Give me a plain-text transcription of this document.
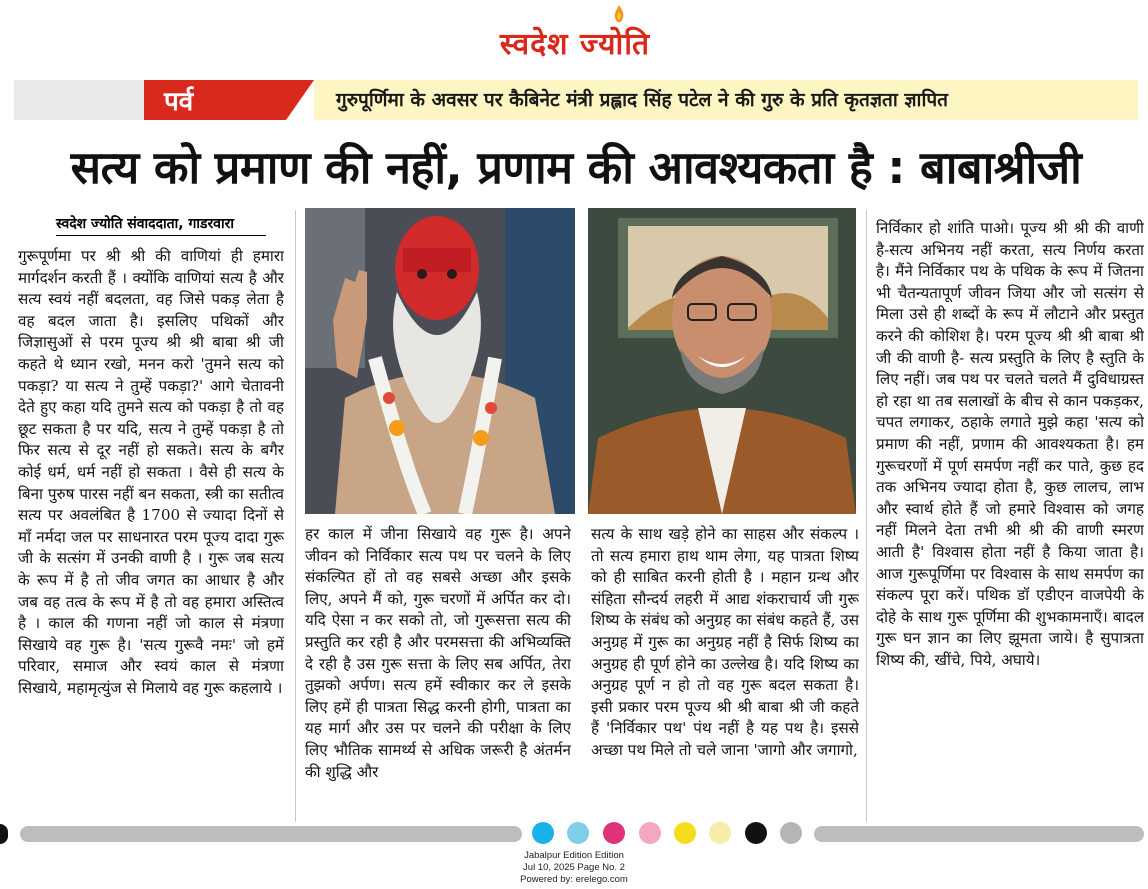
स्वदेश ज्योति
पर्व	गुरुपूर्णिमा के अवसर पर कैबिनेट मंत्री प्रह्लाद सिंह पटेल ने की गुरु के प्रति कृतज्ञता ज्ञापित
सत्य को प्रमाण की नहीं, प्रणाम की आवश्यकता है : बाबाश्रीजी
स्वदेश ज्योति संवाददाता, गाडरवारा
गुरूपूर्णमा पर श्री श्री की वाणियां ही हमारा मार्गदर्शन करती हैं । क्योंकि वाणियां सत्य है और सत्य स्वयं नहीं बदलता, वह जिसे पकड़ लेता है वह बदल जाता है। इसलिए पथिकों और जिज्ञासुओं से परम पूज्य श्री श्री बाबा श्री जी कहते थे ध्यान रखो, मनन करो 'तुमने सत्य को पकड़ा? या सत्य ने तुम्हें पकड़ा?' आगे चेतावनी देते हुए कहा यदि तुमने सत्य को पकड़ा है तो वह छूट सकता है पर यदि, सत्य ने तुम्हें पकड़ा है तो फिर सत्य से दूर नहीं हो सकते। सत्य के बगैर कोई धर्म, धर्म नहीं हो सकता । वैसे ही सत्य के बिना पुरुष पारस नहीं बन सकता, स्त्री का सतीत्व सत्य पर अवलंबित है 1700 से ज्यादा दिनों से माँ नर्मदा जल पर साधनारत परम पूज्य दादा गुरू जी के सत्संग में उनकी वाणी है । गुरू जब सत्य के रूप में है तो जीव जगत का आधार है और जब वह तत्व के रूप में है तो वह हमारा अस्तित्व है । काल की गणना नहीं जो काल से मंत्रणा सिखाये वह गुरू है। 'सत्य गुरूवै नमः' जो हमें परिवार, समाज और स्वयं काल से मंत्रणा सिखाये, महामृत्युंज से मिलाये वह गुरू कहलाये ।
हर काल में जीना सिखाये वह गुरू है। अपने जीवन को निर्विकार सत्य पथ पर चलने के लिए संकल्पित हों तो वह सबसे अच्छा और इसके लिए, अपने मैं को, गुरू चरणों में अर्पित कर दो। यदि ऐसा न कर सको तो, जो गुरूसत्ता सत्य की प्रस्तुति कर रही है और परमसत्ता की अभिव्यक्ति दे रही है उस गुरू सत्ता के लिए सब अर्पित, तेरा तुझको अर्पण। सत्य हमें स्वीकार कर ले इसके लिए हमें ही पात्रता सिद्ध करनी होगी, पात्रता का यह मार्ग और उस पर चलने की परीक्षा के लिए लिए भौतिक सामर्थ्य से अधिक जरूरी है अंतर्मन की शुद्धि और
सत्य के साथ खड़े होने का साहस और संकल्प । तो सत्य हमारा हाथ थाम लेगा, यह पात्रता शिष्य को ही साबित करनी होती है । महान ग्रन्थ और संहिता सौन्दर्य लहरी में आद्य शंकराचार्य जी गुरू शिष्य के संबंध को अनुग्रह का संबंध कहते हैं, उस अनुग्रह में गुरू का अनुग्रह नहीं है सिर्फ शिष्य का अनुग्रह ही पूर्ण होने का उल्लेख है। यदि शिष्य का अनुग्रह पूर्ण न हो तो वह गुरू बदल सकता है। इसी प्रकार परम पूज्य श्री श्री बाबा श्री जी कहते हैं 'निर्विकार पथ' पंथ नहीं है यह पथ है। इससे अच्छा पथ मिले तो चले जाना 'जागो और जगागो,
निर्विकार हो शांति पाओ। पूज्य श्री श्री की वाणी है-सत्य अभिनय नहीं करता, सत्य निर्णय करता है। मैंने निर्विकार पथ के पथिक के रूप में जितना भी चैतन्यतापूर्ण जीवन जिया और जो सत्संग से मिला उसे ही शब्दों के रूप में लौटाने और प्रस्तुत करने की कोशिश है। परम पूज्य श्री श्री बाबा श्री जी की वाणी है- सत्य प्रस्तुति के लिए है स्तुति के लिए नहीं। जब पथ पर चलते चलते मैं दुविधाग्रस्त हो रहा था तब सलाखों के बीच से कान पकड़कर, चपत लगाकर, ठहाके लगाते मुझे कहा 'सत्य को प्रमाण की नहीं, प्रणाम की आवश्यकता है। हम गुरूचरणों में पूर्ण समर्पण नहीं कर पाते, कुछ हद तक अभिनय ज्यादा होता है, कुछ लालच, लाभ और स्वार्थ होते हैं जो हमारे विश्वास को जगह नहीं मिलने देता तभी श्री श्री की वाणी स्मरण आती है' विश्वास होता नहीं है किया जाता है। आज गुरूपूर्णिमा पर विश्वास के साथ समर्पण का संकल्प पूरा करें। पथिक डॉ एडीएन वाजपेयी के दोहे के साथ गुरू पूर्णिमा की शुभकामनाएँ। बादल गुरू घन ज्ञान का लिए झूमता जाये। है सुपात्रता शिष्य की, खींचे, पिये, अघाये।
Jabalpur Edition Edition
Jul 10, 2025 Page No. 2
Powered by: erelego.com
